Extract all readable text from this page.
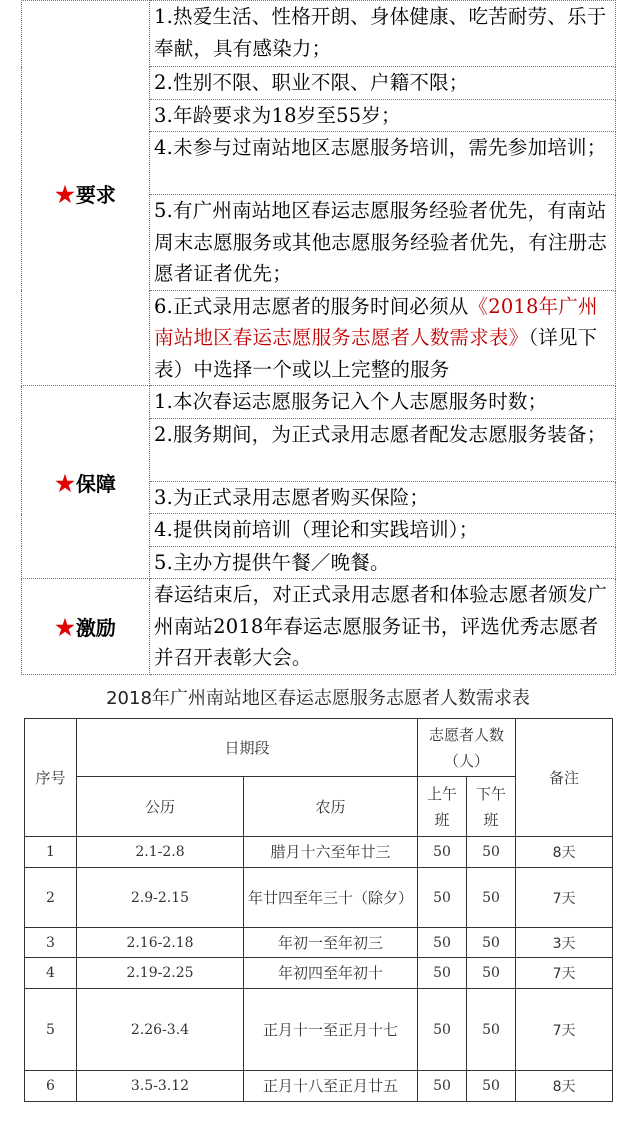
★要求	1.热爱生活、性格开朗、身体健康、吃苦耐劳、乐于奉献，具有感染力；
	2.性别不限、职业不限、户籍不限；
	3.年龄要求为18岁至55岁；
	4.未参与过南站地区志愿服务培训，需先参加培训；
	5.有广州南站地区春运志愿服务经验者优先，有南站周末志愿服务或其他志愿服务经验者优先，有注册志愿者证者优先；
	6.正式录用志愿者的服务时间必须从《2018年广州南站地区春运志愿服务志愿者人数需求表》（详见下表）中选择一个或以上完整的服务
★保障	1.本次春运志愿服务记入个人志愿服务时数；
	2.服务期间，为正式录用志愿者配发志愿服务装备；
	3.为正式录用志愿者购买保险；
	4.提供岗前培训（理论和实践培训）；
	5.主办方提供午餐／晚餐。
★激励	春运结束后，对正式录用志愿者和体验志愿者颁发广州南站2018年春运志愿服务证书，评选优秀志愿者并召开表彰大会。
2018年广州南站地区春运志愿服务志愿者人数需求表
序号	日期段		志愿者人数（人）		备注
	公历	农历	上午班	下午班	
1	2.1-2.8	腊月十六至年廿三	50	50	8天
2	2.9-2.15	年廿四至年三十（除夕）	50	50	7天
3	2.16-2.18	年初一至年初三	50	50	3天
4	2.19-2.25	年初四至年初十	50	50	7天
5	2.26-3.4	正月十一至正月十七	50	50	7天
6	3.5-3.12	正月十八至正月廿五	50	50	8天
